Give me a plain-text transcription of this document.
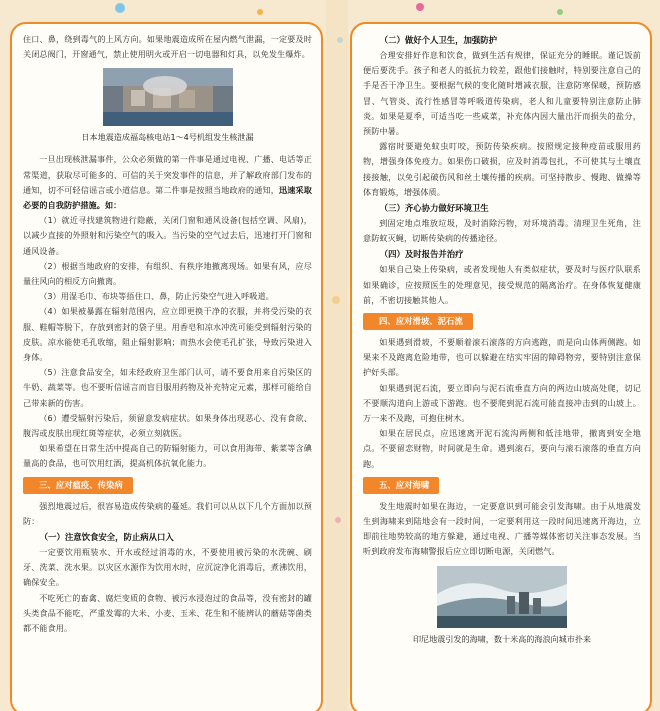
住口、鼻，绕到毒气的上风方向。如果地震造成所在屋内燃气泄漏，一定要及时关闭总阀门，开窗通气，禁止使用明火或开启一切电器和灯具，以免发生爆炸。

日本地震造成福岛核电站1～4号机组发生核泄漏

一旦出现核泄漏事件，公众必须做的第一件事是通过电视、广播、电话等正常渠道，获取尽可能多的、可信的关于突发事件的信息，并了解政府部门发布的通知，切不可轻信谣言或小道信息。第二件事是按照当地政府的通知，迅速采取必要的自我防护措施。如：

（1）就近寻找建筑物进行隐蔽，关闭门窗和通风设备(包括空调、风扇)，以减少直接的外照射和污染空气的吸入。当污染的空气过去后，迅速打开门窗和通风设备。

（2）根据当地政府的安排，有组织、有秩序地撤离现场。如果有风，应尽量往风向的相反方向撤离。

（3）用湿毛巾、布块等捂住口、鼻，防止污染空气进入呼吸道。

（4）如果被暴露在辐射范围内，应立即更换干净的衣服，并将受污染的衣服、鞋帽等脱下，存放到密封的袋子里。用香皂和凉水冲洗可能受到辐射污染的皮肤。凉水能使毛孔收缩，阻止辐射影响；而热水会使毛孔扩张，导致污染进入身体。

（5）注意食品安全，如未经政府卫生部门认可，请不要食用来自污染区的牛奶、蔬菜等。也不要听信谣言而盲目服用药物及补充特定元素，那样可能给自己带来新的伤害。

（6）遭受辐射污染后，须留意发病症状。如果身体出现恶心、没有食欲、腹泻或皮肤出现红斑等症状，必须立刻就医。

如果希望在日常生活中提高自己的防辐射能力，可以食用海带、紫菜等含碘量高的食品，也可饮用红酒，提高机体抗氧化能力。

三、应对瘟疫、传染病

强烈地震过后，很容易造成传染病的蔓延。我们可以从以下几个方面加以预防：

（一）注意饮食安全，防止病从口入

一定要饮用瓶装水、开水或经过消毒的水，不要使用被污染的水洗碗、刷牙、洗菜、洗水果。以灾区水源作为饮用水时，应沉淀净化消毒后，煮沸饮用，确保安全。

不吃死亡的畜禽、腐烂变质的食物、被污水浸泡过的食品等，没有密封的罐头类食品不能吃，严重发霉的大米、小麦、玉米、花生和不能辨认的蘑菇等菌类都不能食用。

（二）做好个人卫生，加强防护

合理安排好作息和饮食，做到生活有规律，保证充分的睡眠。谨记饭前便后要洗手。孩子和老人的抵抗力较差，跟他们接触时，特别要注意自己的手是否干净卫生。要根据气候的变化随时增减衣服，注意防寒保暖，预防感冒、气管炎、流行性感冒等呼吸道传染病，老人和儿童要特别注意防止肺炎。如果是夏季，可适当吃一些咸菜，补充体内因大量出汗而损失的盐分，预防中暑。

露宿时要避免蚊虫叮咬，预防传染疾病。按照规定接种疫苗或服用药物，增强身体免疫力。如果伤口破损，应及时消毒包扎，不可使其与土壤直接接触，以免引起破伤风和丝土壤传播的疾病。可坚持散步、慢跑、做操等体育锻炼，增强体质。

（三）齐心协力做好环境卫生

到固定地点堆放垃圾，及时消除污物，对环境消毒。清理卫生死角，注意防蚊灭蝇，切断传染病的传播途径。

（四）及时报告并治疗

如果自己染上传染病，或者发现他人有类似症状，要及时与医疗队联系如果确诊，应按照医生的处理意见，接受规范的隔离治疗。在身体恢复健康前，不密切接触其他人。

四、应对滑坡、泥石流

如果遇到滑坡，不要顺着滚石滚落的方向逃跑，而是向山体两侧跑。如果来不及跑离危险地带，也可以躲避在结实牢固的障碍物旁，要特别注意保护好头部。

如果遇到泥石流，要立即向与泥石流垂直方向的两边山坡高处爬，切记不要顺沟道向上游或下游跑。也不要爬到泥石流可能直接冲击到的山坡上。万一来不及跑，可抱住树木。

如果在居民点，应迅速离开泥石流沟两侧和低洼地带，撤离到安全地点。不要留恋财物，时间就是生命。遇到滚石，要向与滚石滚落的垂直方向跑。

五、应对海啸

发生地震时如果在海边，一定要意识到可能会引发海啸。由于从地震发生到海啸来到陆地会有一段时间，一定要利用这一段时间迅速离开海边，立即前往地势较高的地方躲避，通过电视、广播等媒体密切关注事态发展。当听到政府发布海啸警报后应立即切断电源，关闭燃气。

印尼地震引发的海啸，数十米高的海浪向城市扑来
